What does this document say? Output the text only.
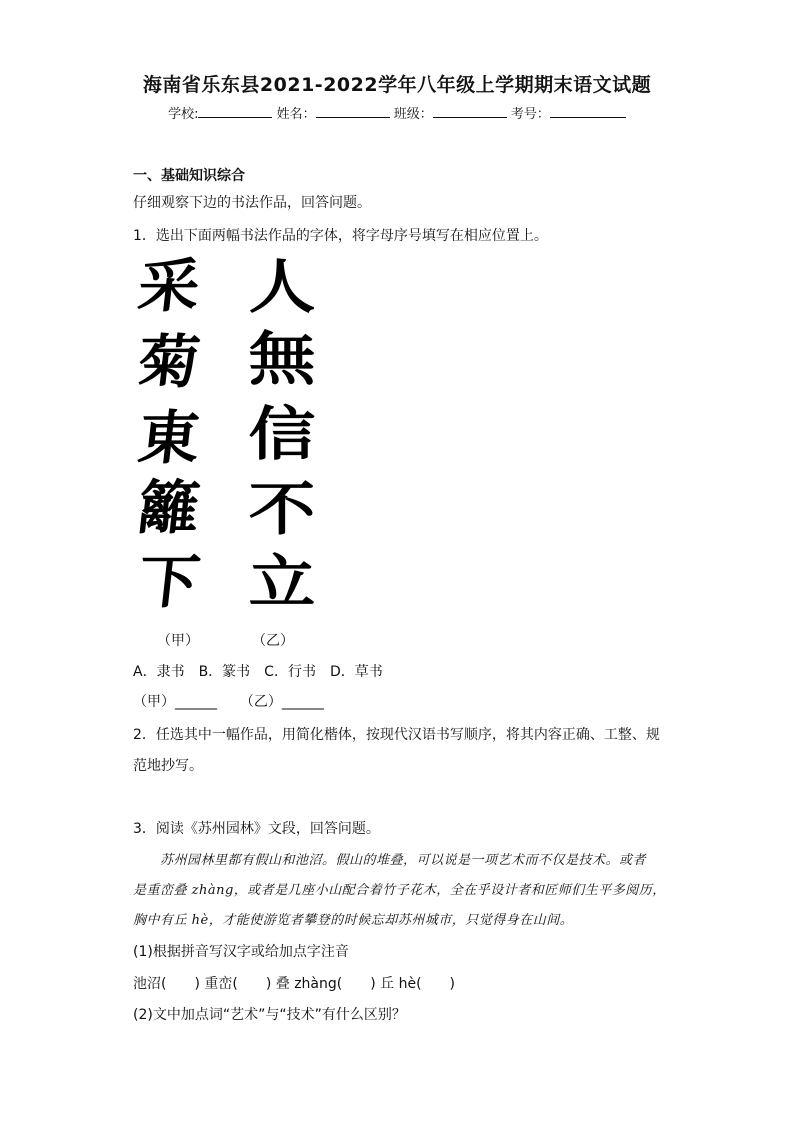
海南省乐东县2021-2022学年八年级上学期期末语文试题
学校:	姓名：	班级：	考号：
一、基础知识综合
仔细观察下边的书法作品，回答问题。
1．选出下面两幅书法作品的字体，将字母序号填写在相应位置上。
采
菊
東
籬
下
人
無
信
不
立
（甲）	（乙）
A．隶书　B．篆书　C．行书　D．草书
（甲）______ （乙）______
2．任选其中一幅作品，用简化楷体，按现代汉语书写顺序，将其内容正确、工整、规
范地抄写。
3．阅读《苏州园林》文段，回答问题。
苏州园林里都有假山和池沼。假山的堆叠，可以说是一项艺术而不仅是技术。或者
是重峦叠 zhàng，或者是几座小山配合着竹子花木，全在乎设计者和匠师们生平多阅历，
胸中有丘 hè，才能使游览者攀登的时候忘却苏州城市，只觉得身在山间。
(1)根据拼音写汉字或给加点字注音
池沼(　　) 重峦(　　) 叠 zhàng(　　) 丘 hè(　　)
(2)文中加点词“艺术”与“技术”有什么区别？
